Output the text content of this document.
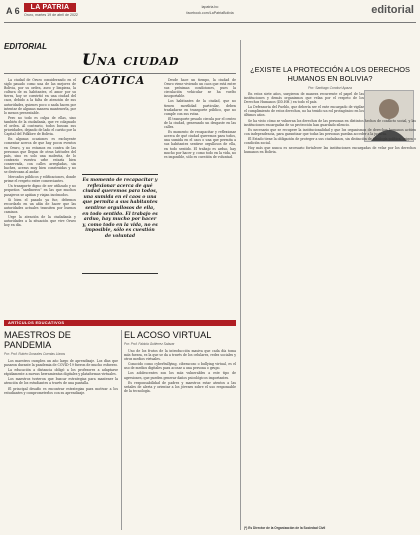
A 6	LA PATRIA
Oruro, martes 19 de abril de 2022
lapatria.bo
facebook.com/LaPatriaBolivia	editorial
EDITORIAL
Una ciudad caótica

La ciudad de Oruro considerando en el siglo pasado como una de las mejores de Bolivia, por su orden, aseo y limpieza, la cultura de su habitantes, el amor por su tierra, hoy se convirtió en una ciudad del caos, debido a la falta de atención de sus autoridades, quienes poco o nada hacen por intentar de algunas manera mantenerla, por lo menos presentable.

Pero no todo es culpa de ellas, sino también de la ciudadanía, que ve colapsado el orden. Al contrario, todos buscan sus prioridades, dejando de lado el cariño por la Capital del Folklore de Bolivia.

En algunas ocasiones es excluyente comentar acerca de que hay pocos eventos en Oruro, y no estamos en contra de las personas que llegan de otras latitudes del país, sino es solo una molestia, de lo contrario vuestra urbe estaría bien conservada, con calles arregladas, sin baches, aceras muy bien construidas y no se destrozan al andar.

Mercados públicos y edificaciones, donde prime el respeto entre comerciantes.

Un transporte digno de ser utilizado y no pequeños “sardineros” en las que muchos pasajeros se apiñan y viajan incómodos.

Si bien el pasado ya fue, debemos recordarlo en un afán de hacer que las autoridades actuales transiten por buenos caminos.

Urge la atención de la ciudadanía y autoridades a la situación que vive Oruro hoy en día.

Es momento de recapacitar y reflexionar acerca de qué ciudad queremos para todos, una sumida en el caos o una que permita a sus habitantes sentirse orgullosos de ella, en todo sentido. El trabajo es arduo, hay mucho por hacer y, como todo en la vida, no es imposible, sólo es cuestión de voluntad

Desde hace un tiempo, la ciudad de Oruro viene viviendo un caos que está entre sus próximas condiciones, pues la circulación vehicular se ha vuelto insoportable.

Los habitantes de la ciudad, que no tienen movilidad particular, deben trasladarse en transporte público, que no cumple con sus rutas.

El transporte pesado circula por el centro de la ciudad, generando un desgaste en las calles.

Es momento de recapacitar y reflexionar acerca de qué ciudad queremos para todos, una sumida en el caos o una que permita a sus habitantes sentirse orgullosos de ella, en todo sentido. El trabajo es arduo, hay mucho por hacer y, como todo en la vida, no es imposible, sólo es cuestión de voluntad.

¿EXISTE LA PROTECCIÓN A LOS DERECHOS HUMANOS EN BOLIVIA?
Por: Santiago Condori Apaza

En estos siete años, surgieron de manera recurrente el papel de las instituciones y demás organismos que velan por el respeto de los Derechos Humanos (DD.HH.) en todo el país.

La Defensoría del Pueblo, que debería ser el ente encargado de vigilar el cumplimiento de estos derechos, no ha tenido un rol protagónico en los últimos años.

Se ha visto cómo se vulneran los derechos de las personas en distintos hechos de conflicto social, y las instituciones encargadas de su protección han guardado silencio.

Es necesario que se recupere la institucionalidad y que los organismos de derechos humanos actúen con independencia, para garantizar que todas las personas puedan acceder a la justicia.

El Estado tiene la obligación de proteger a sus ciudadanos, sin distinción de ideología política, origen o condición social.

Hoy más que nunca es necesario fortalecer las instituciones encargadas de velar por los derechos humanos en Bolivia.

(*) Es Director de la Organización de la Sociedad Civil
ARTÍCULOS EDUCATIVOS
MAESTROS DE PANDEMIA
Por: Prof. Rubén Gonzales Cuentas Llanos

Los maestros cumplen un año largo de aprendizaje. Los días que pasaron durante la pandemia de COVID-19 fueron de mucho esfuerzo.

La educación a distancia obligó a los profesores a adaptarse rápidamente a nuevas herramientas digitales y plataformas virtuales.

Los maestros tuvieron que buscar estrategias para mantener la atención de los estudiantes a través de una pantalla.

El principal desafío es encontrar estrategias para motivar a los estudiantes y comprometerlos con su aprendizaje.

EL ACOSO VIRTUAL
Por: Prof. Fabiola Gutiérrez Salazar

Uno de los frutos de la introducción masiva que cada día toma más fuerza, es la que se da a través de los celulares, redes sociales y otros medios virtuales.

Conocido como cyberbullying, ciberacoso o bullying virtual, es el uso de medios digitales para acosar a una persona o grupo.

Los adolescentes son los más vulnerables a este tipo de agresiones, que pueden generar daños psicológicos importantes.

Es responsabilidad de padres y maestros estar atentos a las señales de alerta y orientar a los jóvenes sobre el uso responsable de la tecnología.
